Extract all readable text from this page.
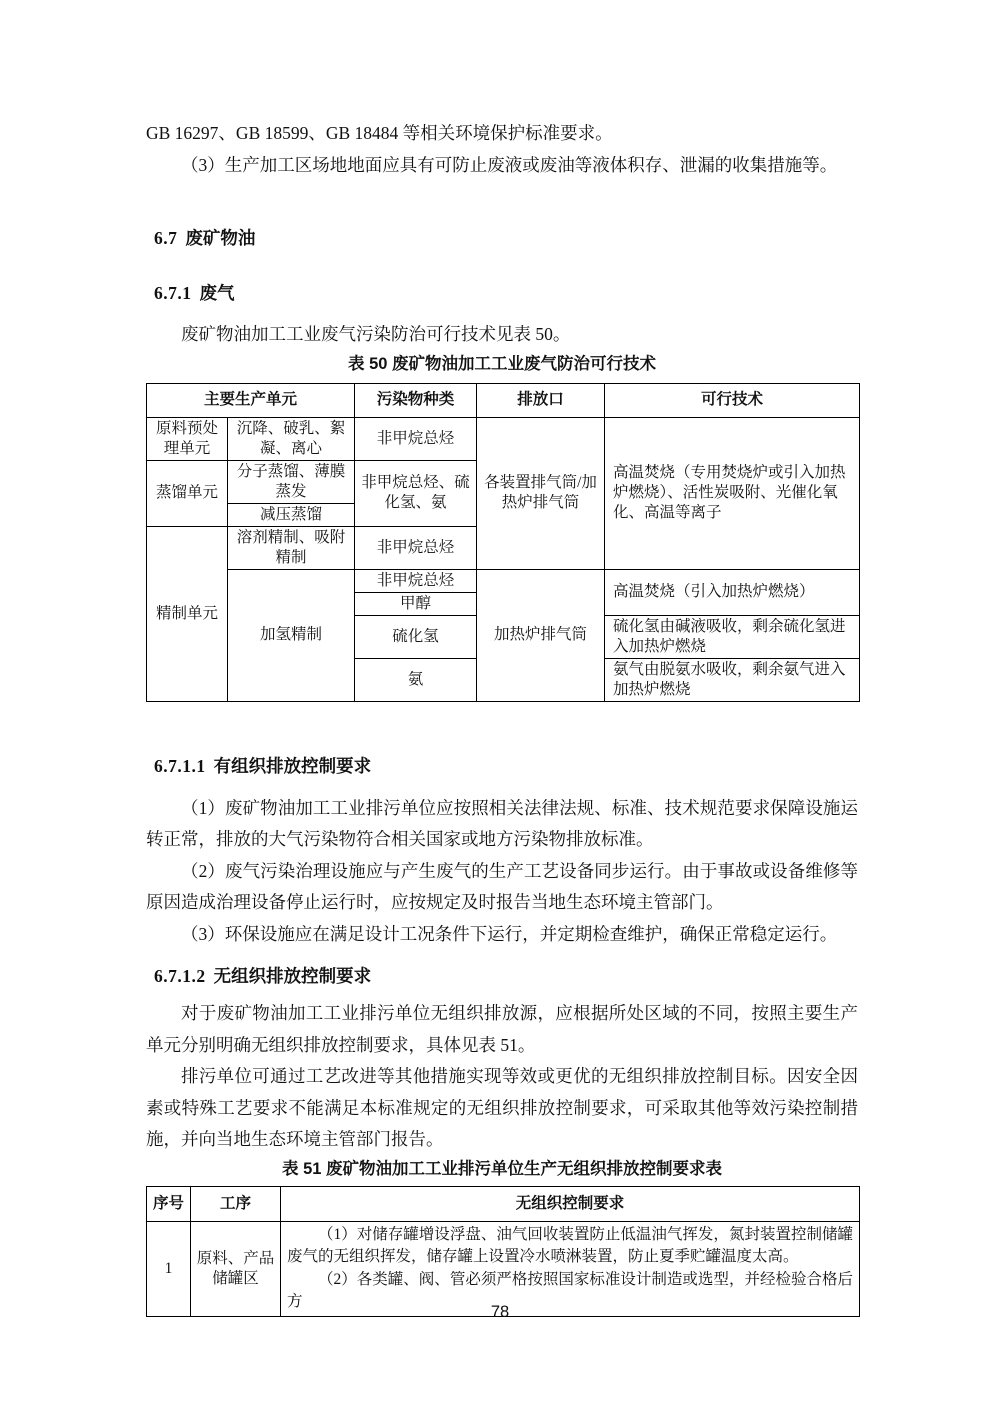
GB 16297、GB 18599、GB 18484 等相关环境保护标准要求。

（3）生产加工区场地地面应具有可防止废液或废油等液体积存、泄漏的收集措施等。

6.7 废矿物油

6.7.1 废气

废矿物油加工工业废气污染防治可行技术见表 50。

表 50 废矿物油加工工业废气防治可行技术

主要生产单元		污染物种类	排放口	可行技术
原料预处理单元	沉降、破乳、絮凝、离心	非甲烷总烃	各装置排气筒/加热炉排气筒	高温焚烧（专用焚烧炉或引入加热炉燃烧）、活性炭吸附、光催化氧化、高温等离子
蒸馏单元	分子蒸馏、薄膜蒸发	非甲烷总烃、硫化氢、氨		
	减压蒸馏			
精制单元	溶剂精制、吸附精制	非甲烷总烃		
	加氢精制	非甲烷总烃	加热炉排气筒	高温焚烧（引入加热炉燃烧）
		甲醇		
		硫化氢		硫化氢由碱液吸收，剩余硫化氢进入加热炉燃烧
		氨		氨气由脱氨水吸收，剩余氨气进入加热炉燃烧

6.7.1.1 有组织排放控制要求

（1）废矿物油加工工业排污单位应按照相关法律法规、标准、技术规范要求保障设施运转正常，排放的大气污染物符合相关国家或地方污染物排放标准。

（2）废气污染治理设施应与产生废气的生产工艺设备同步运行。由于事故或设备维修等原因造成治理设备停止运行时，应按规定及时报告当地生态环境主管部门。

（3）环保设施应在满足设计工况条件下运行，并定期检查维护，确保正常稳定运行。

6.7.1.2 无组织排放控制要求

对于废矿物油加工工业排污单位无组织排放源，应根据所处区域的不同，按照主要生产单元分别明确无组织排放控制要求，具体见表 51。

排污单位可通过工艺改进等其他措施实现等效或更优的无组织排放控制目标。因安全因素或特殊工艺要求不能满足本标准规定的无组织排放控制要求，可采取其他等效污染控制措施，并向当地生态环境主管部门报告。

表 51 废矿物油加工工业排污单位生产无组织排放控制要求表

序号	工序	无组织控制要求
1	原料、产品储罐区	（1）对储存罐增设浮盘、油气回收装置防止低温油气挥发，氮封装置控制储罐废气的无组织挥发，储存罐上设置冷水喷淋装置，防止夏季贮罐温度太高。
（2）各类罐、阀、管必须严格按照国家标准设计制造或选型，并经检验合格后方
78
